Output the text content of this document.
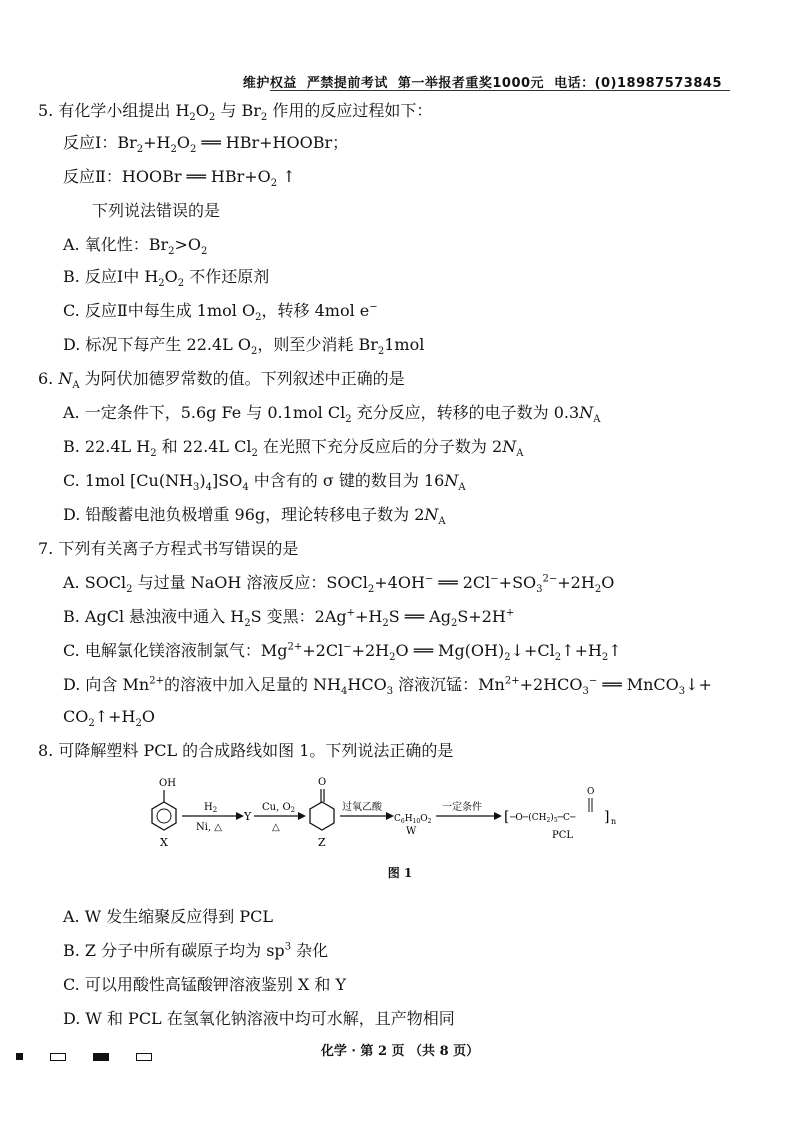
维护权益 严禁提前考试 第一举报者重奖1000元 电话：(0)18987573845
5. 有化学小组提出 $H_2O_2$ 与 $Br_2$ 作用的反应过程如下：
反应Ⅰ：$Br_2+H_2O_2$ ══ HBr+HOOBr；
反应Ⅱ：HOOBr ══ $HBr+O_2$ ↑
下列说法错误的是
A. 氧化性：$Br_2>O_2$
B. 反应Ⅰ中 $H_2O_2$ 不作还原剂
C. 反应Ⅱ中每生成 1mol $O_2$，转移 4mol e−
D. 标况下每产生 22.4L $O_2$，则至少消耗 $Br_21mol$
6. $N_A$ 为阿伏加德罗常数的值。下列叙述中正确的是
A. 一定条件下，5.6g Fe 与 0.1mol $Cl_2$ 充分反应，转移的电子数为 $0.3N_A$
B. 22.4L $H_2$ 和 22.4L $Cl_2$ 在光照下充分反应后的分子数为 $2N_A$
C. 1mol $[Cu(NH_3)_4]SO_4$ 中含有的 σ 键的数目为 $16N_A$
D. 铅酸蓄电池负极增重 96g，理论转移电子数为 $2N_A$
7. 下列有关离子方程式书写错误的是
A. SOCl$_2$ 与过量 NaOH 溶液反应：SOCl$_2$+4OH− ══ $2Cl^-+SO_3^{2-}+2H_2O$
B. AgCl 悬浊液中通入 $H_2S$ 变黑：$2Ag^++H_2S$ ══ $Ag_2S+2H^+$
C. 电解氯化镁溶液制氯气：$Mg^{2+}+2Cl^-+2H_2O$ ══ $Mg(OH)_2↓+Cl_2↑+H_2↑$
D. 向含 $Mn^{2+}$的溶液中加入足量的 $NH_4HCO_3$ 溶液沉锰：$Mn^{2+}+2HCO_3^-$ ══ MnCO$_3$↓+
$CO_2↑+H_2O$
8. 可降解塑料 PCL 的合成路线如图 1。下列说法正确的是
A. W 发生缩聚反应得到 PCL
B. Z 分子中所有碳原子均为 $sp^3$ 杂化
C. 可以用酸性高锰酸钾溶液鉴别 X 和 Y
D. W 和 PCL 在氢氧化钠溶液中均可水解，且产物相同
OH
X
$H_2$
Ni, △
Y
Cu, $O_2$
△
O
Z
过氧乙酸
$C_6H_{10}O_2$
W
一定条件
[ $─O─(CH_2)_5─C─$
O
] n
PCL
图 1

化学 · 第 2 页 （共 8 页）
